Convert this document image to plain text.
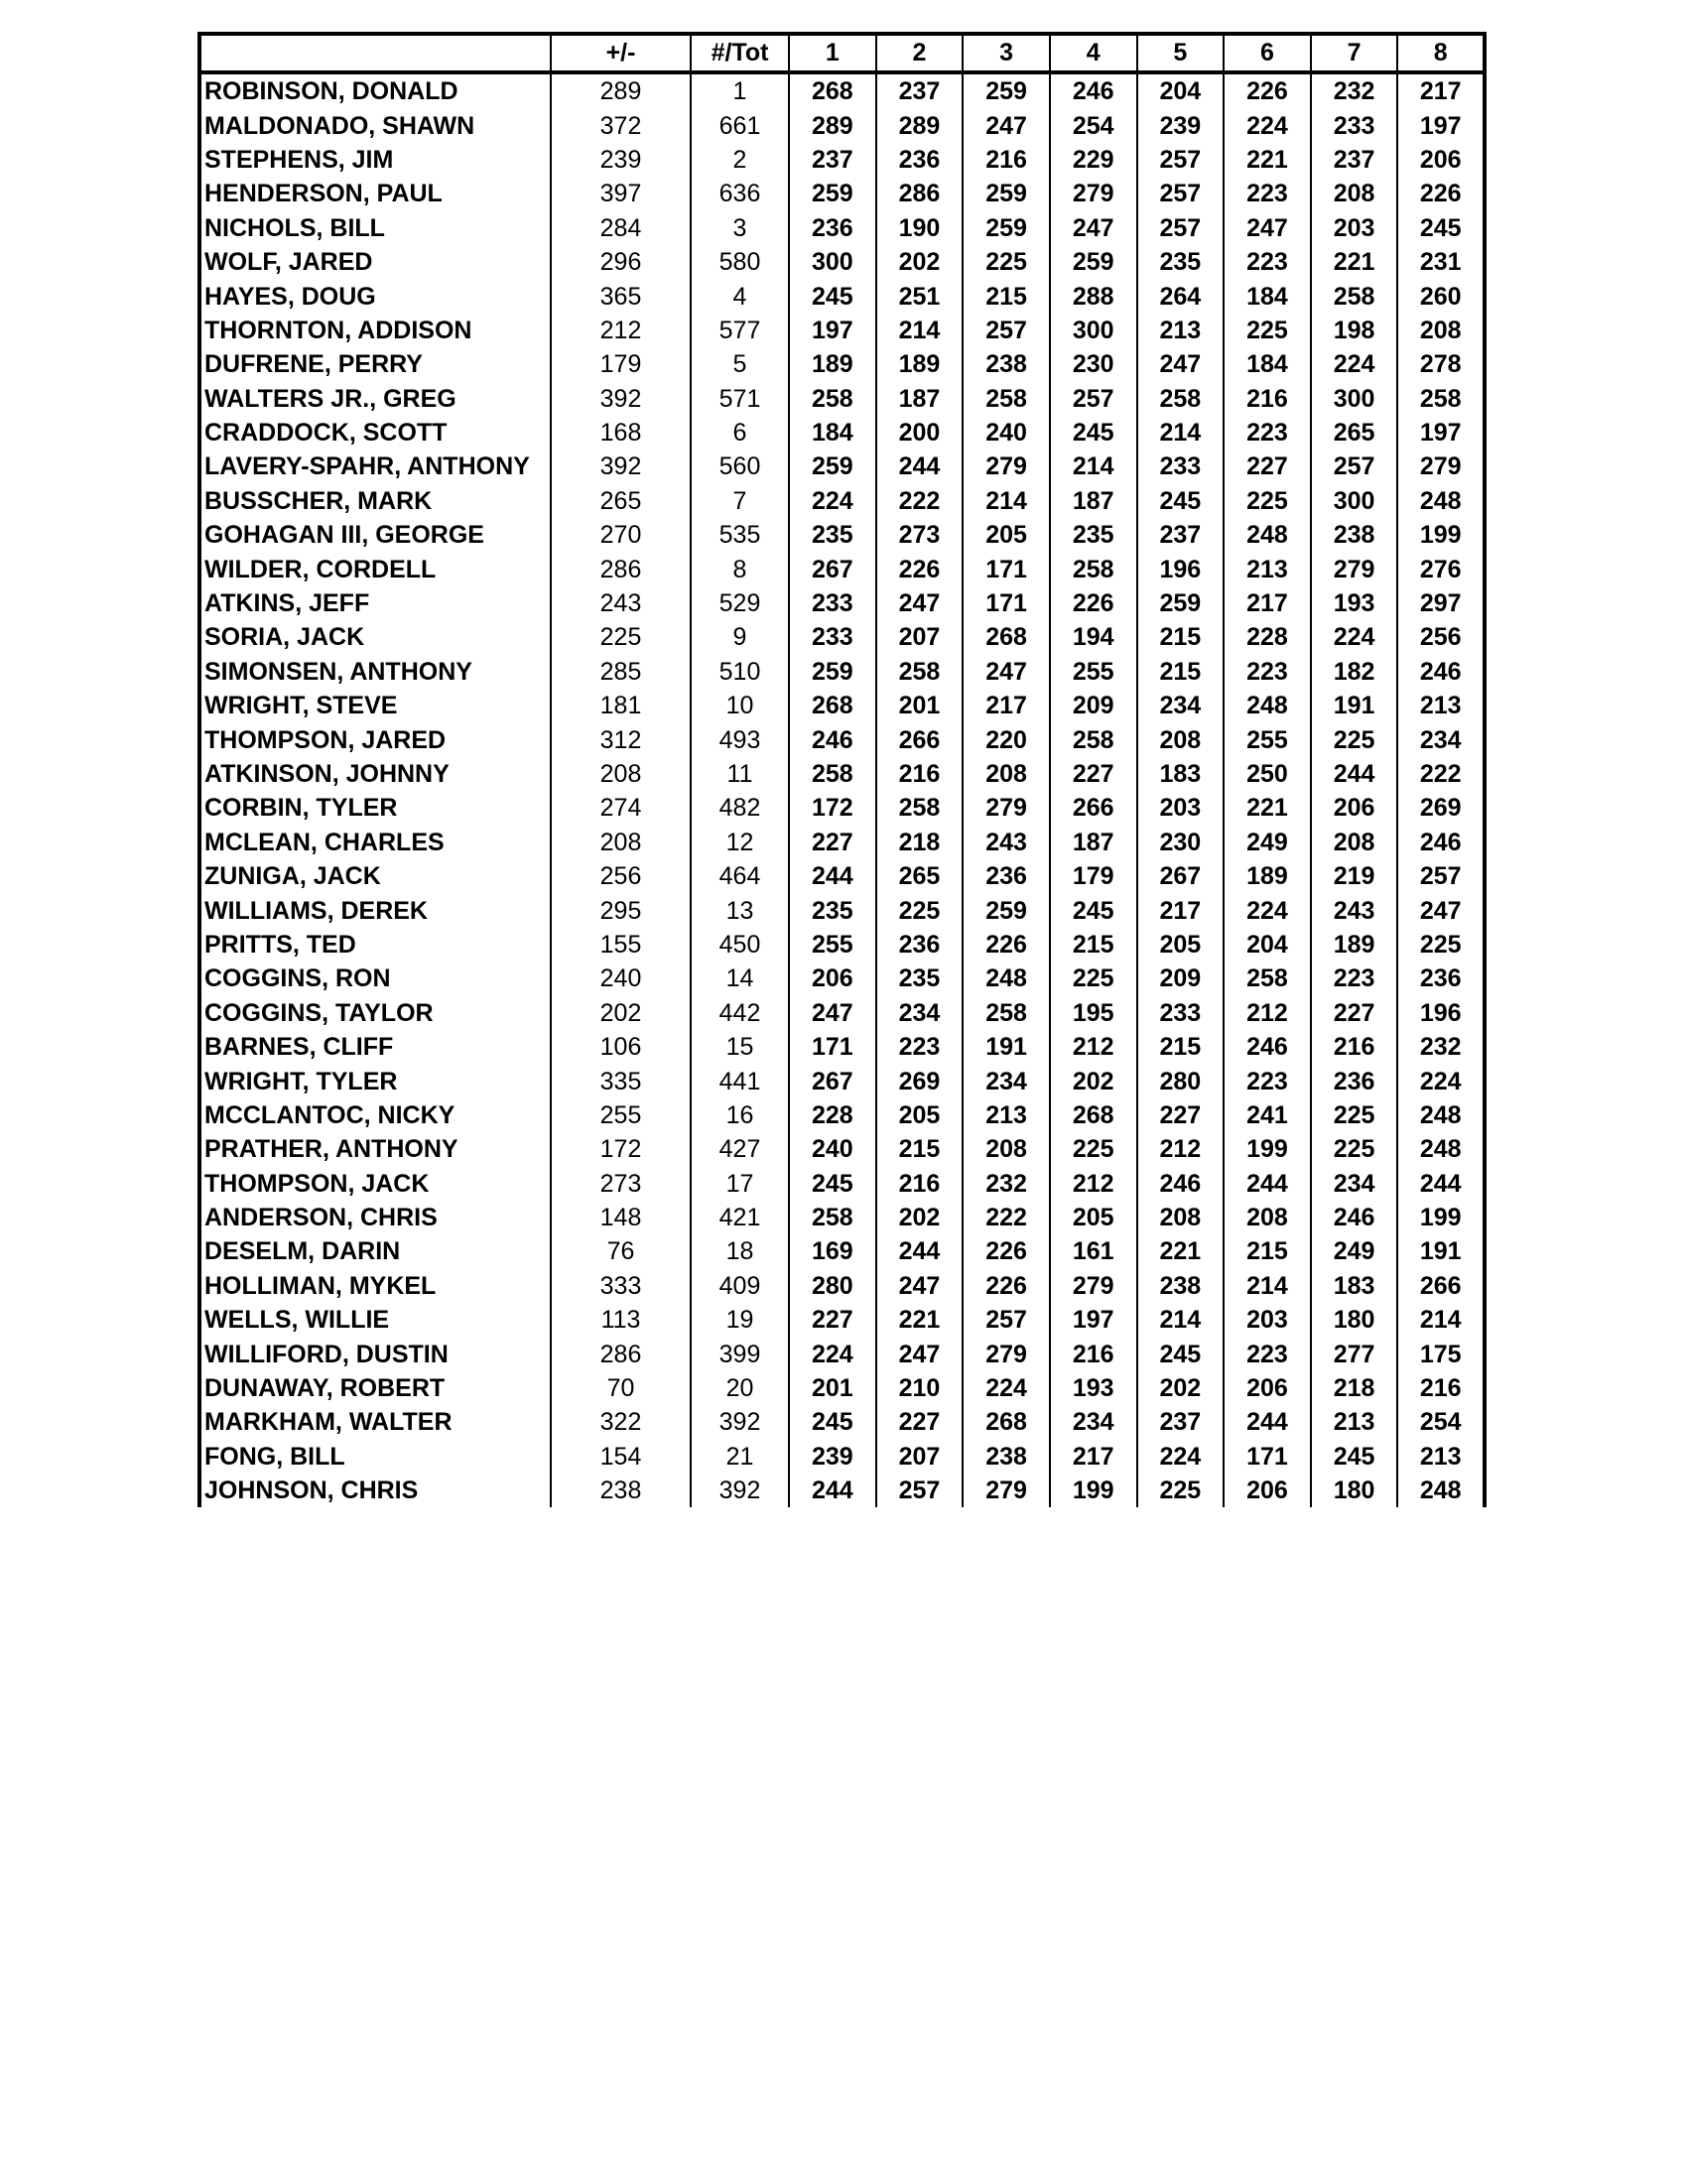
	+/-	#/Tot	1	2	3	4	5	6	7	8
ROBINSON, DONALD	289	1	268	237	259	246	204	226	232	217
MALDONADO, SHAWN	372	661	289	289	247	254	239	224	233	197
STEPHENS, JIM	239	2	237	236	216	229	257	221	237	206
HENDERSON, PAUL	397	636	259	286	259	279	257	223	208	226
NICHOLS, BILL	284	3	236	190	259	247	257	247	203	245
WOLF, JARED	296	580	300	202	225	259	235	223	221	231
HAYES, DOUG	365	4	245	251	215	288	264	184	258	260
THORNTON, ADDISON	212	577	197	214	257	300	213	225	198	208
DUFRENE, PERRY	179	5	189	189	238	230	247	184	224	278
WALTERS JR., GREG	392	571	258	187	258	257	258	216	300	258
CRADDOCK, SCOTT	168	6	184	200	240	245	214	223	265	197
LAVERY-SPAHR, ANTHONY	392	560	259	244	279	214	233	227	257	279
BUSSCHER, MARK	265	7	224	222	214	187	245	225	300	248
GOHAGAN III, GEORGE	270	535	235	273	205	235	237	248	238	199
WILDER, CORDELL	286	8	267	226	171	258	196	213	279	276
ATKINS, JEFF	243	529	233	247	171	226	259	217	193	297
SORIA, JACK	225	9	233	207	268	194	215	228	224	256
SIMONSEN, ANTHONY	285	510	259	258	247	255	215	223	182	246
WRIGHT, STEVE	181	10	268	201	217	209	234	248	191	213
THOMPSON, JARED	312	493	246	266	220	258	208	255	225	234
ATKINSON, JOHNNY	208	11	258	216	208	227	183	250	244	222
CORBIN, TYLER	274	482	172	258	279	266	203	221	206	269
MCLEAN, CHARLES	208	12	227	218	243	187	230	249	208	246
ZUNIGA, JACK	256	464	244	265	236	179	267	189	219	257
WILLIAMS, DEREK	295	13	235	225	259	245	217	224	243	247
PRITTS, TED	155	450	255	236	226	215	205	204	189	225
COGGINS, RON	240	14	206	235	248	225	209	258	223	236
COGGINS, TAYLOR	202	442	247	234	258	195	233	212	227	196
BARNES, CLIFF	106	15	171	223	191	212	215	246	216	232
WRIGHT, TYLER	335	441	267	269	234	202	280	223	236	224
MCCLANTOC, NICKY	255	16	228	205	213	268	227	241	225	248
PRATHER, ANTHONY	172	427	240	215	208	225	212	199	225	248
THOMPSON, JACK	273	17	245	216	232	212	246	244	234	244
ANDERSON, CHRIS	148	421	258	202	222	205	208	208	246	199
DESELM, DARIN	76	18	169	244	226	161	221	215	249	191
HOLLIMAN, MYKEL	333	409	280	247	226	279	238	214	183	266
WELLS, WILLIE	113	19	227	221	257	197	214	203	180	214
WILLIFORD, DUSTIN	286	399	224	247	279	216	245	223	277	175
DUNAWAY, ROBERT	70	20	201	210	224	193	202	206	218	216
MARKHAM, WALTER	322	392	245	227	268	234	237	244	213	254
FONG, BILL	154	21	239	207	238	217	224	171	245	213
JOHNSON, CHRIS	238	392	244	257	279	199	225	206	180	248
